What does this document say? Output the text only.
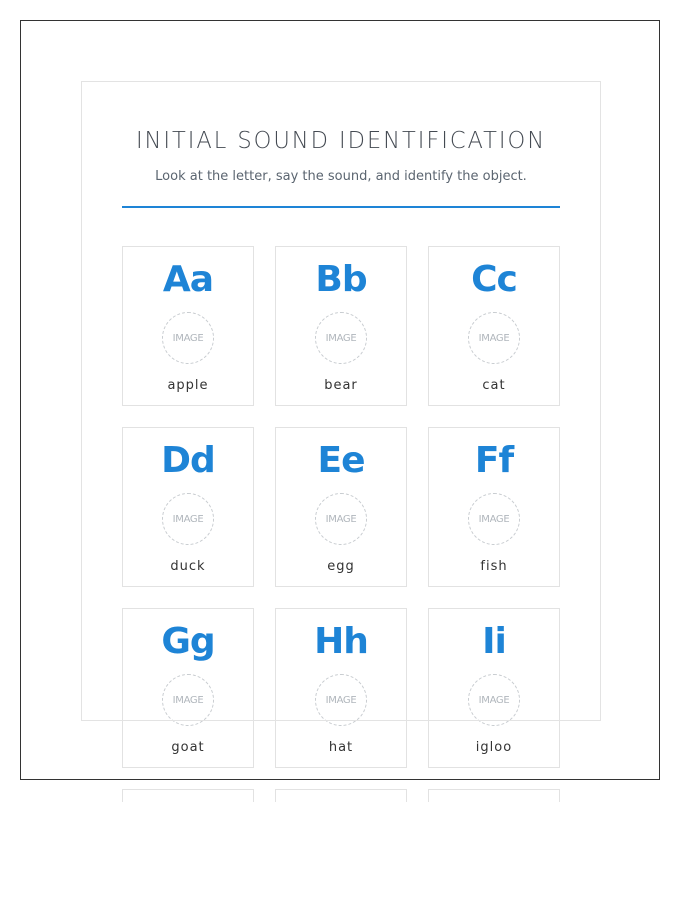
INITIAL SOUND IDENTIFICATION
Look at the letter, say the sound, and identify the object.
Aa
IMAGE
apple
Bb
IMAGE
bear
Cc
IMAGE
cat
Dd
IMAGE
duck
Ee
IMAGE
egg
Ff
IMAGE
fish
Gg
IMAGE
goat
Hh
IMAGE
hat
Ii
IMAGE
igloo
